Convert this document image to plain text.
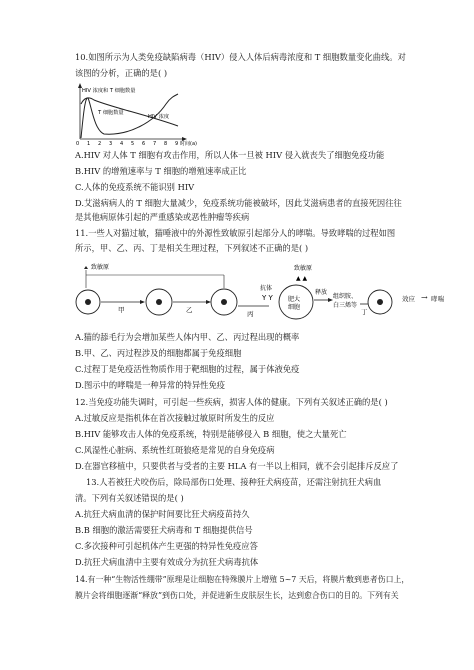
10.如图所示为人类免疫缺陷病毒（HIV）侵入人体后病毒浓度和 T 细胞数量变化曲线。对
该图的分析，正确的是( )
HIV 浓度和 T 细胞数量
T 细胞数量
HIV 浓度
0 1 2 3 4 5 6 7 8 9 时间(a)
A.HIV 对人体 T 细胞有攻击作用，所以人体一旦被 HIV 侵入就丧失了细胞免疫功能
B.HIV 的增殖速率与 T 细胞的增殖速率成正比
C.人体的免疫系统不能识别 HIV
D.艾滋病病人的 T 细胞大量减少，免疫系统功能被破坏，因此艾滋病患者的直接死因往往
是其他病原体引起的严重感染或恶性肿瘤等疾病
11.一些人对猫过敏，猫唾液中的外源性致敏原引起部分人的哮喘。导致哮喘的过程如图
所示，甲、乙、丙、丁是相关生理过程，下列叙述不正确的是( )
致敏原
甲	乙	丙
抗体
Y Y
致敏原
▲ ▲
肥大
细胞
释放
组织胺、
白三烯等
丁
效应 → 哮喘
A.猫的舔毛行为会增加某些人体内甲、乙、丙过程出现的概率
B.甲、乙、丙过程涉及的细胞都属于免疫细胞
C.过程丁是免疫活性物质作用于靶细胞的过程，属于体液免疫
D.图示中的哮喘是一种异常的特异性免疫
12.当免疫功能失调时，可引起一些疾病，损害人体的健康。下列有关叙述正确的是( )
A.过敏反应是指机体在首次接触过敏原时所发生的反应
B.HIV 能够攻击人体的免疫系统，特别是能够侵入 B 细胞，使之大量死亡
C.风湿性心脏病、系统性红斑狼疮是常见的自身免疫病
D.在器官移植中，只要供者与受者的主要 HLA 有一半以上相同，就不会引起排斥反应了
13.人若被狂犬咬伤后，除局部伤口处理、接种狂犬病疫苗，还需注射抗狂犬病血
清。下列有关叙述错误的是( )
A.抗狂犬病血清的保护时间要比狂犬病疫苗持久
B.B 细胞的激活需要狂犬病毒和 T 细胞提供信号
C.多次接种可引起机体产生更强的特异性免疫应答
D.抗狂犬病血清中主要有效成分为抗狂犬病毒抗体
14.有一种“生物活性绷带”原理是让细胞在特殊膜片上增殖 5~7 天后，将膜片敷到患者伤口上，
膜片会将细胞逐渐“释放”到伤口处，并促进新生皮肤层生长，达到愈合伤口的目的。下列有关
